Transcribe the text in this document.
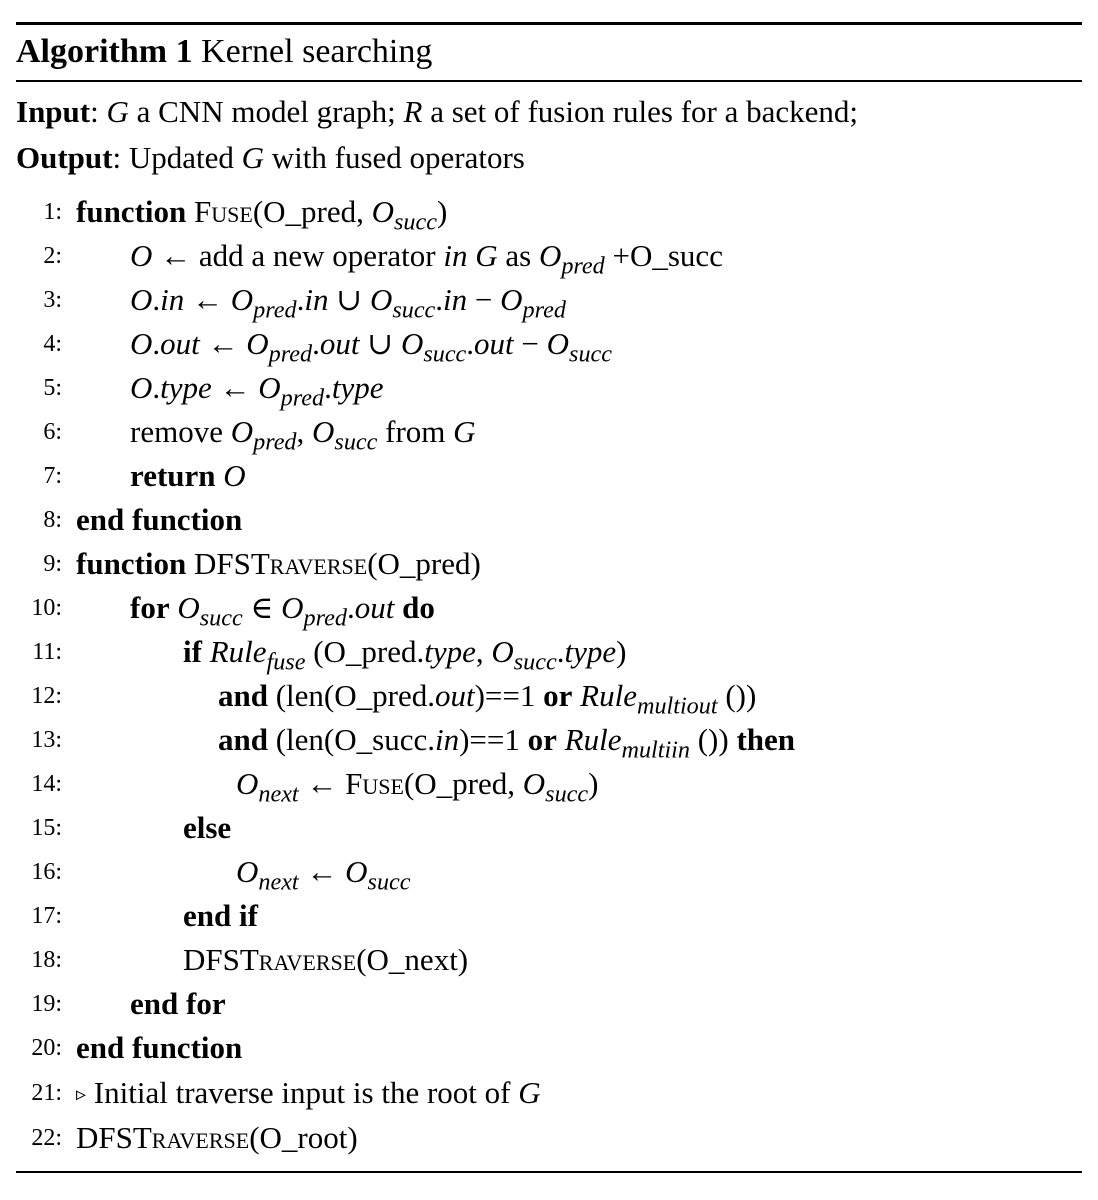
Algorithm 1 Kernel searching
Input: G a CNN model graph; R a set of fusion rules for a backend;
Output: Updated G with fused operators
1: function Fuse(O_pred, $O_{succ}$)
2: O ← add a new operator in G as $O_{pred}$ +O_succ
3: O.in ← $O_{pred}.in$ ∪ $O_{succ}.in - O_{pred}$
4: O.out ← $O_{pred}.out$ ∪ $O_{succ}.out - O_{succ}$
5: O.type ← $O_{pred}.type$
6: remove $O_{pred}$, $O_{succ}$ from G
7: return O
8: end function
9: function DFSTraverse(O_pred)
10: for $O_{succ}$ ∈ $O_{pred}.out$ do
11:	if Rule$_{fuse}$ (O_pred.type, $O_{succ}.type$)
12:	and (len(O_pred.out)==1 or Rule$_{multiout}$ ())
13:	and (len(O_succ.in)==1 or Rule$_{multiin}$ ()) then
14:	$O_{next}$ ← Fuse(O_pred, $O_{succ}$)
15:	else
16:	$O_{next}$ ← $O_{succ}$
17:	end if
18:	DFSTraverse(O_next)
19: end for
20: end function
21: ▹ Initial traverse input is the root of G
22: DFSTraverse(O_root)
